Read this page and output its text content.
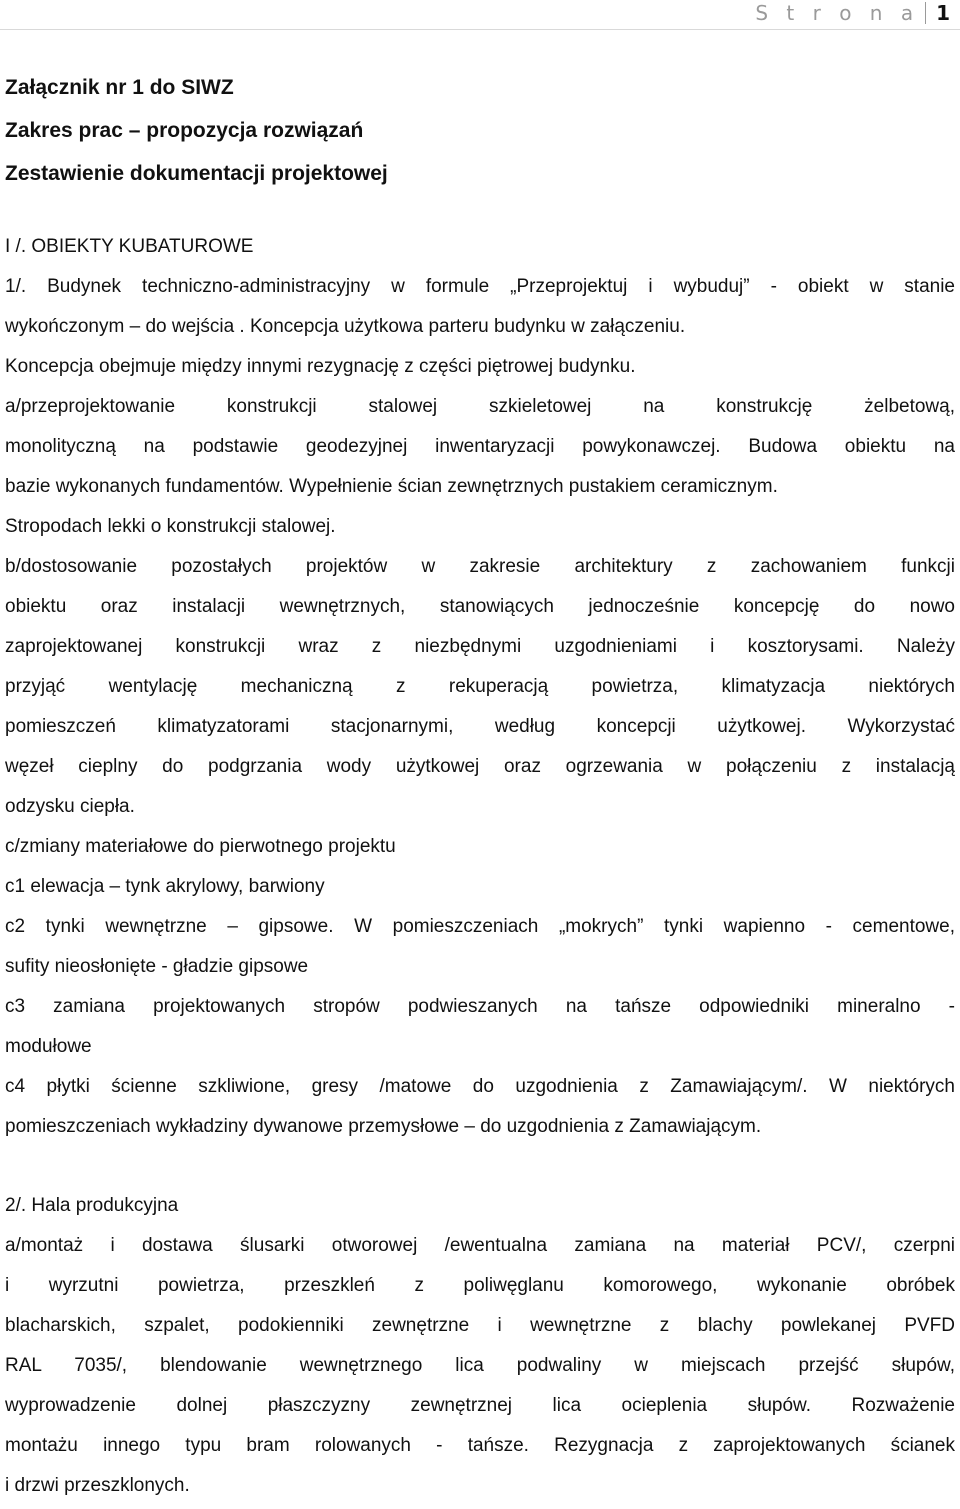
S t r o n a 1

Załącznik nr 1 do SIWZ

Zakres prac – propozycja rozwiązań

Zestawienie dokumentacji projektowej

I /. OBIEKTY KUBATUROWE

1/. Budynek techniczno-administracyjny w formule „Przeprojektuj i wybuduj” - obiekt w stanie

wykończonym – do wejścia . Koncepcja użytkowa parteru budynku w załączeniu.

Koncepcja obejmuje między innymi rezygnację z części piętrowej budynku.

a/przeprojektowanie konstrukcji stalowej szkieletowej na konstrukcję żelbetową,

monolityczną na podstawie geodezyjnej inwentaryzacji powykonawczej. Budowa obiektu na

bazie wykonanych fundamentów. Wypełnienie ścian zewnętrznych pustakiem ceramicznym.

Stropodach lekki o konstrukcji stalowej.

b/dostosowanie pozostałych projektów w zakresie architektury z zachowaniem funkcji

obiektu oraz instalacji wewnętrznych, stanowiących jednocześnie koncepcję do nowo

zaprojektowanej konstrukcji wraz z niezbędnymi uzgodnieniami i kosztorysami. Należy

przyjąć wentylację mechaniczną z rekuperacją powietrza, klimatyzacja niektórych

pomieszczeń klimatyzatorami stacjonarnymi, według koncepcji użytkowej. Wykorzystać

węzeł cieplny do podgrzania wody użytkowej oraz ogrzewania w połączeniu z instalacją

odzysku ciepła.

c/zmiany materiałowe do pierwotnego projektu

c1 elewacja – tynk akrylowy, barwiony

c2 tynki wewnętrzne – gipsowe. W pomieszczeniach „mokrych” tynki wapienno - cementowe,

sufity nieosłonięte - gładzie gipsowe

c3 zamiana projektowanych stropów podwieszanych na tańsze odpowiedniki mineralno -

modułowe

c4 płytki ścienne szkliwione, gresy /matowe do uzgodnienia z Zamawiającym/. W niektórych

pomieszczeniach wykładziny dywanowe przemysłowe – do uzgodnienia z Zamawiającym.

2/. Hala produkcyjna

a/montaż i dostawa ślusarki otworowej /ewentualna zamiana na materiał PCV/, czerpni

i wyrzutni powietrza, przeszkleń z poliwęglanu komorowego, wykonanie obróbek

blacharskich, szpalet, podokienniki zewnętrzne i wewnętrzne z blachy powlekanej PVFD

RAL 7035/, blendowanie wewnętrznego lica podwaliny w miejscach przejść słupów,

wyprowadzenie dolnej płaszczyzny zewnętrznej lica ocieplenia słupów. Rozważenie

montażu innego typu bram rolowanych - tańsze. Rezygnacja z zaprojektowanych ścianek

i drzwi przeszklonych.
